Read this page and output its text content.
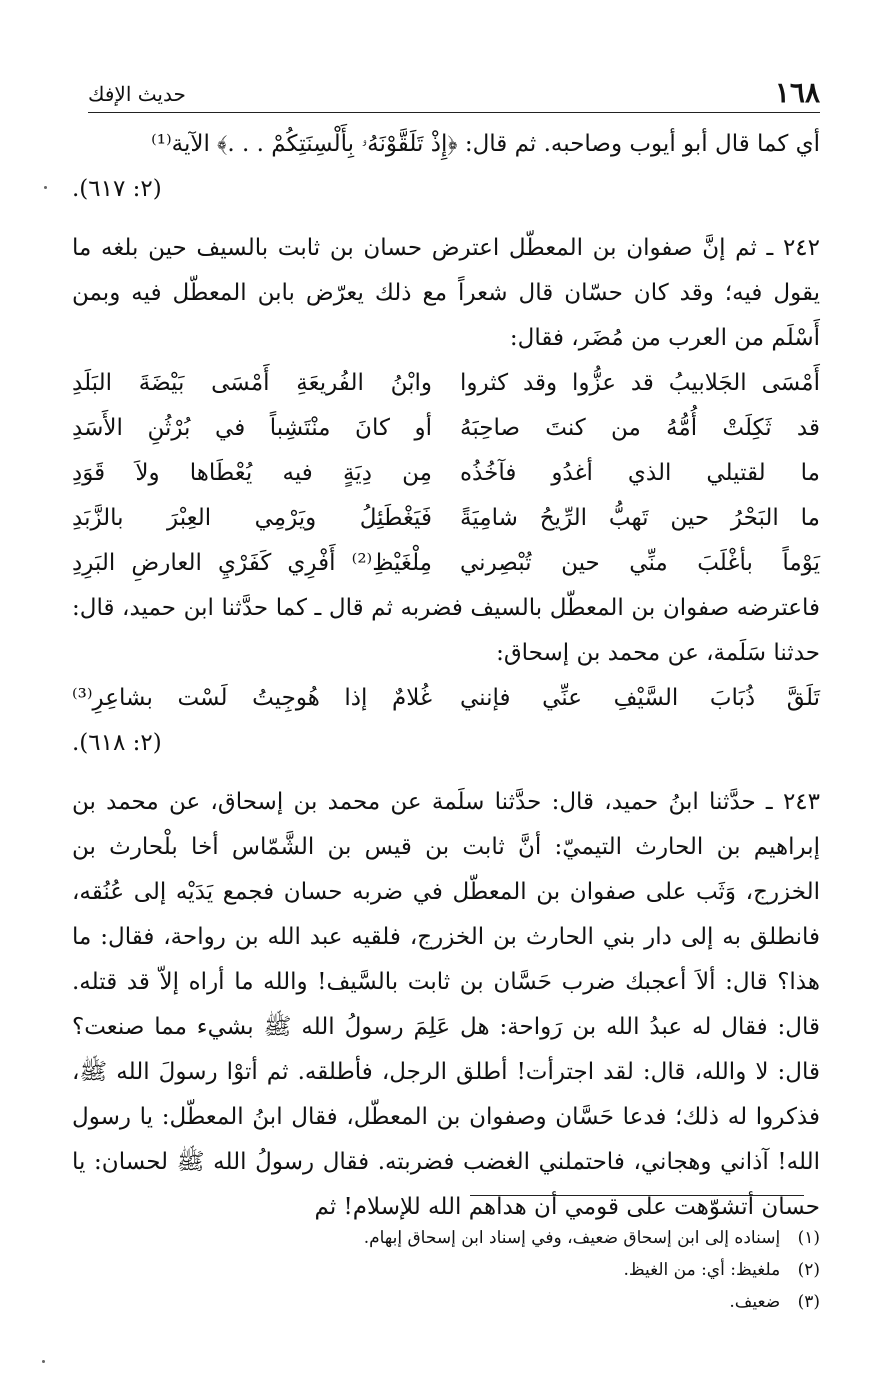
١٦٨
حديث الإفك

أي كما قال أبو أيوب وصاحبه. ثم قال: ﴿إِذْ تَلَقَّوْنَهُۥ بِأَلْسِنَتِكُمْ . . .﴾ الآية⁽¹⁾

(٢: ٦١٧).

٢٤٢ ـ ثم إنَّ صفوان بن المعطّل اعترض حسان بن ثابت بالسيف حين بلغه ما يقول فيه؛ وقد كان حسّان قال شعراً مع ذلك يعرّض بابن المعطّل فيه وبمن أَسْلَم من العرب من مُضَر، فقال:

أَمْسَى الجَلابيبُ قد عزُّوا وقد كثروا
وابْنُ الفُريعَةِ أَمْسَى بَيْضَةَ البَلَدِ
قد ثَكِلَتْ أُمُّهُ من كنتَ صاحِبَهُ
أو كانَ منْتَشِباً في بُرْثُنِ الأَسَدِ
ما لقتيلي الذي أغدُو فآخُذُه
مِن دِيَةٍ فيه يُعْطَاها ولاَ قَوَدِ
ما البَحْرُ حين تَهبُّ الرِّيحُ شامِيَةً
فَيَغْطَئِلُ ويَرْمِي العِبْرَ بالزَّبَدِ
يَوْماً بأغْلَبَ منِّي حين تُبْصِرني
مِلْغَيْظِ⁽²⁾ أَفْرِي كَفَرْيِ العارضِ البَرِدِ

فاعترضه صفوان بن المعطّل بالسيف فضربه ثم قال ـ كما حدَّثنا ابن حميد، قال: حدثنا سَلَمة، عن محمد بن إسحاق:

تَلَقَّ ذُبَابَ السَّيْفِ عنِّي فإنني
غُلامٌ إذا هُوجِيتُ لَسْت بشاعِرِ⁽³⁾

(٢: ٦١٨).

٢٤٣ ـ حدَّثنا ابنُ حميد، قال: حدَّثنا سلَمة عن محمد بن إسحاق، عن محمد بن إبراهيم بن الحارث التيميّ: أنَّ ثابت بن قيس بن الشَّمّاس أخا بلْحارث بن الخزرج، وَثَب على صفوان بن المعطّل في ضربه حسان فجمع يَدَيْه إلى عُنُقه، فانطلق به إلى دار بني الحارث بن الخزرج، فلقيه عبد الله بن رواحة، فقال: ما هذا؟ قال: ألاَ أعجبك ضرب حَسَّان بن ثابت بالسَّيف! والله ما أراه إلاّ قد قتله. قال: فقال له عبدُ الله بن رَواحة: هل عَلِمَ رسولُ الله ﷺ بشيء مما صنعت؟ قال: لا والله، قال: لقد اجترأت! أطلق الرجل، فأطلقه. ثم أتوْا رسولَ الله ﷺ، فذكروا له ذلك؛ فدعا حَسَّان وصفوان بن المعطّل، فقال ابنُ المعطّل: يا رسول الله! آذاني وهجاني، فاحتملني الغضب فضربته. فقال رسولُ الله ﷺ لحسان: يا حسان أتشوّهت على قومي أن هداهم الله للإسلام! ثم

(١) إسناده إلى ابن إسحاق ضعيف، وفي إسناد ابن إسحاق إبهام.
(٢) ملغيظ: أي: من الغيظ.
(٣) ضعيف.
